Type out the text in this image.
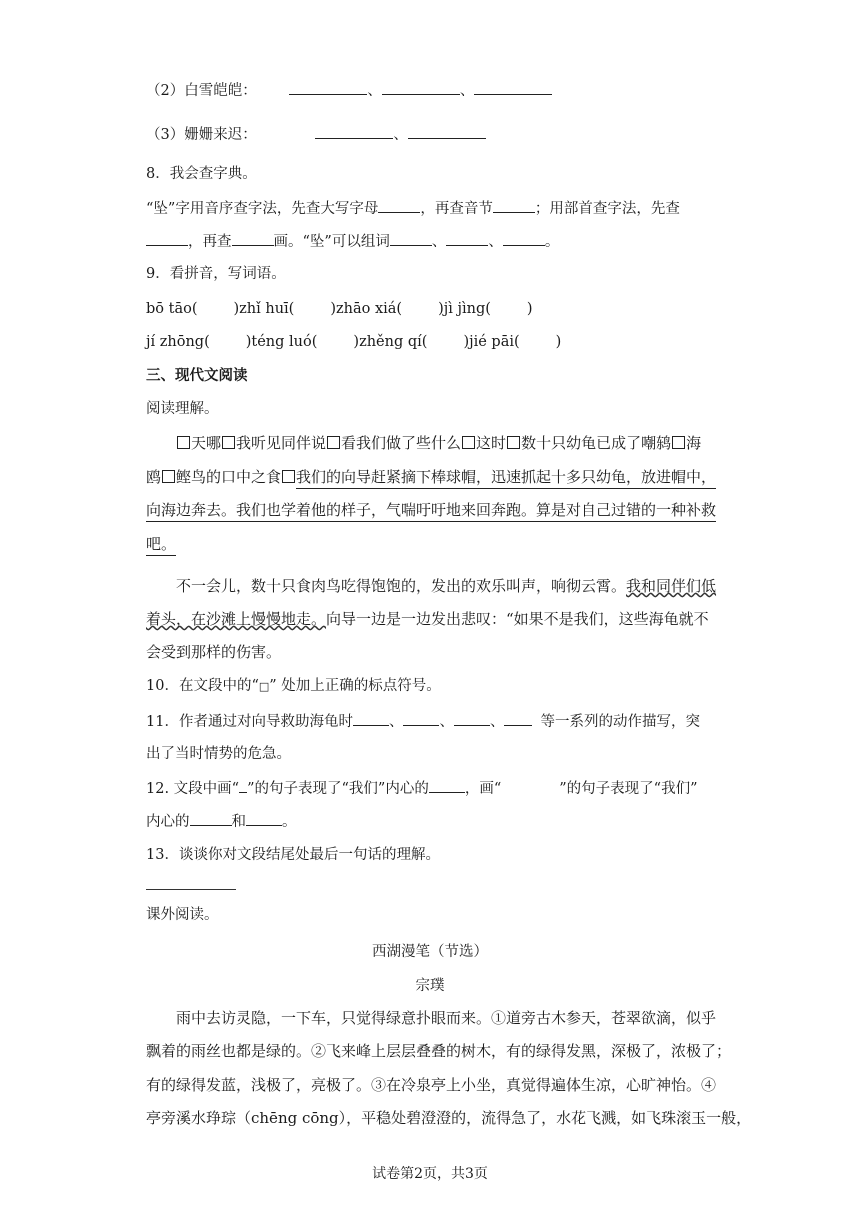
（2）白雪皑皑：	、	、
（3）姗姗来迟：	、
8．我会查字典。
“坠”字用音序查字法，先查大写字母	，再查音节	；用部首查字法，先查
，再查	画。“坠”可以组词	、	、	。
9．看拼音，写词语。
bō tāo( )zhǐ huī( )zhāo xiá( )jì jìng( )
jí zhōng( )téng luó( )zhěng qí( )jié pāi( )
三、现代文阅读
阅读理解。
天哪 我听见同伴说 看我们做了些什么 这时 数十只幼龟已成了嘲鸫 海
鸥 鲣鸟的口中之食 我们的向导赶紧摘下棒球帽，迅速抓起十多只幼龟，放进帽中，
向海边奔去。我们也学着他的样子，气喘吁吁地来回奔跑。算是对自己过错的一种补救
吧。
不一会儿，数十只食肉鸟吃得饱饱的，发出的欢乐叫声，响彻云霄。我和同伴们低
着头，在沙滩上慢慢地走。向导一边是一边发出悲叹：“如果不是我们，这些海龟就不
会受到那样的伤害。
10．在文段中的“□” 处加上正确的标点符号。
11．作者通过对向导救助海龟时 、 、 、 等一系列的动作描写，突
出了当时情势的危急。
12. 文段中画“ ”的句子表现了“我们”内心的 ，画“	”的句子表现了“我们”
内心的	和 。
13．谈谈你对文段结尾处最后一句话的理解。
课外阅读。
西湖漫笔（节选）
宗璞
雨中去访灵隐，一下车，只觉得绿意扑眼而来。①道旁古木参天，苍翠欲滴，似乎
飘着的雨丝也都是绿的。②飞来峰上层层叠叠的树木，有的绿得发黑，深极了，浓极了；
有的绿得发蓝，浅极了，亮极了。③在冷泉亭上小坐，真觉得遍体生凉，心旷神怡。④
亭旁溪水琤琮（chēng cōng），平稳处碧澄澄的，流得急了，水花飞溅，如飞珠滚玉一般，
试卷第2页，共3页
